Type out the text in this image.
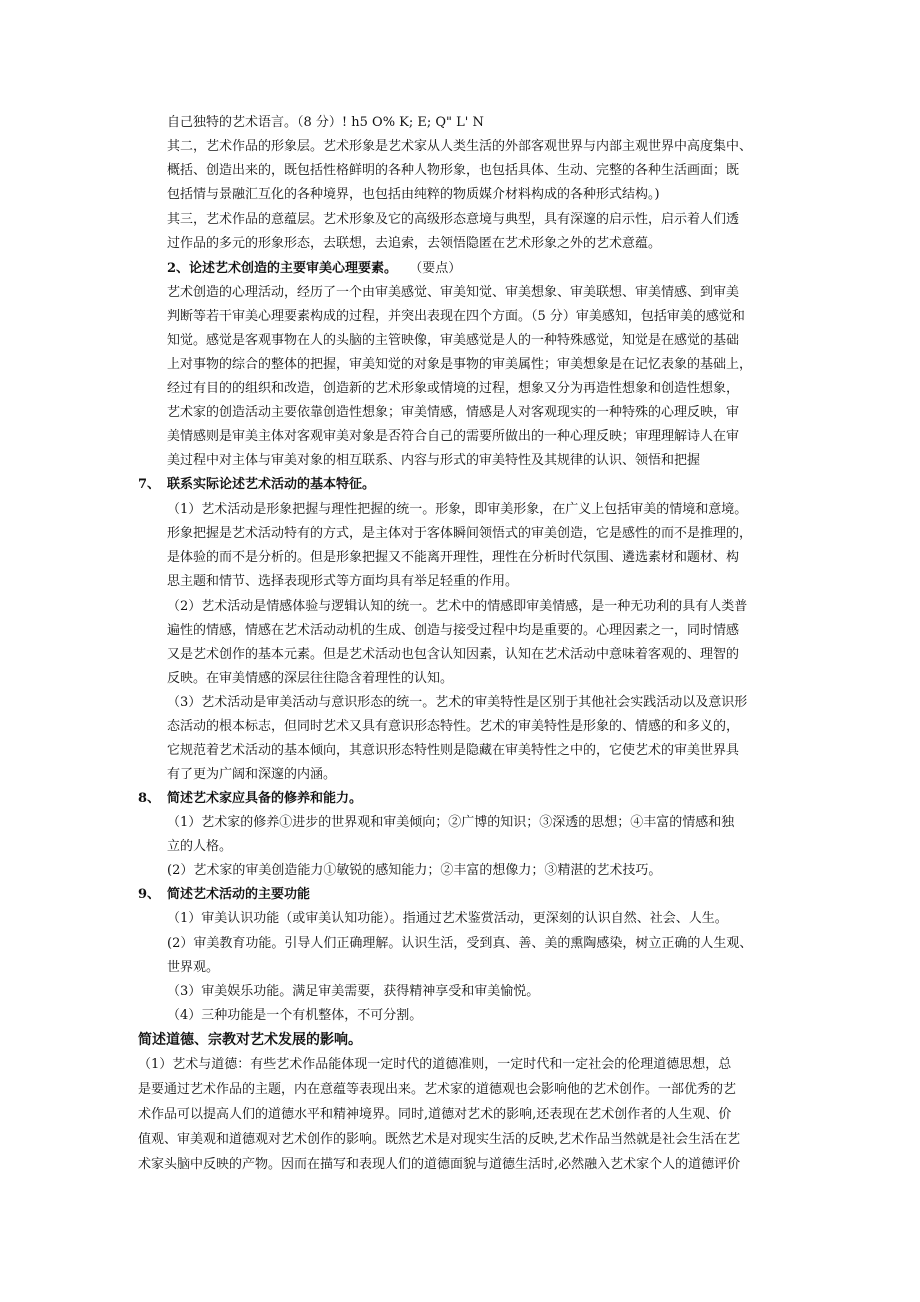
自己独特的艺术语言。（8 分）! h5 O% K; E; Q" L' N
其二，艺术作品的形象层。艺术形象是艺术家从人类生活的外部客观世界与内部主观世界中高度集中、
概括、创造出来的，既包括性格鲜明的各种人物形象，也包括具体、生动、完整的各种生活画面；既
包括情与景融汇互化的各种境界，也包括由纯粹的物质媒介材料构成的各种形式结构。)
其三，艺术作品的意蕴层。艺术形象及它的高级形态意境与典型，具有深邃的启示性，启示着人们透
过作品的多元的形象形态，去联想，去追索，去领悟隐匿在艺术形象之外的艺术意蕴。
2、论述艺术创造的主要审美心理要素。 （要点）
艺术创造的心理活动，经历了一个由审美感觉、审美知觉、审美想象、审美联想、审美情感、到审美
判断等若干审美心理要素构成的过程，并突出表现在四个方面。（5 分）审美感知，包括审美的感觉和
知觉。感觉是客观事物在人的头脑的主管映像，审美感觉是人的一种特殊感觉，知觉是在感觉的基础
上对事物的综合的整体的把握，审美知觉的对象是事物的审美属性；审美想象是在记忆表象的基础上，
经过有目的的组织和改造，创造新的艺术形象或情境的过程，想象又分为再造性想象和创造性想象，
艺术家的创造活动主要依靠创造性想象；审美情感，情感是人对客观现实的一种特殊的心理反映，审
美情感则是审美主体对客观审美对象是否符合自己的需要所做出的一种心理反映；审理理解诗人在审
美过程中对主体与审美对象的相互联系、内容与形式的审美特性及其规律的认识、领悟和把握
7、 联系实际论述艺术活动的基本特征。
（1）艺术活动是形象把握与理性把握的统一。形象，即审美形象，在广义上包括审美的情境和意境。
形象把握是艺术活动特有的方式，是主体对于客体瞬间领悟式的审美创造，它是感性的而不是推理的，
是体验的而不是分析的。但是形象把握又不能离开理性，理性在分析时代氛围、遴选素材和题材、构
思主题和情节、选择表现形式等方面均具有举足轻重的作用。
（2）艺术活动是情感体验与逻辑认知的统一。艺术中的情感即审美情感，是一种无功利的具有人类普
遍性的情感，情感在艺术活动动机的生成、创造与接受过程中均是重要的。心理因素之一，同时情感
又是艺术创作的基本元素。但是艺术活动也包含认知因素，认知在艺术活动中意味着客观的、理智的
反映。在审美情感的深层往往隐含着理性的认知。
（3）艺术活动是审美活动与意识形态的统一。艺术的审美特性是区别于其他社会实践活动以及意识形
态活动的根本标志，但同时艺术又具有意识形态特性。艺术的审美特性是形象的、情感的和多义的，
它规范着艺术活动的基本倾向，其意识形态特性则是隐藏在审美特性之中的，它使艺术的审美世界具
有了更为广阔和深邃的内涵。
8、 简述艺术家应具备的修养和能力。
（1）艺术家的修养①进步的世界观和审美倾向；②广博的知识；③深透的思想；④丰富的情感和独
立的人格。
(2）艺术家的审美创造能力①敏锐的感知能力；②丰富的想像力；③精湛的艺术技巧。
9、 简述艺术活动的主要功能
（1）审美认识功能（或审美认知功能）。指通过艺术鉴赏活动，更深刻的认识自然、社会、人生。
(2）审美教育功能。引导人们正确理解。认识生活，受到真、善、美的熏陶感染，树立正确的人生观、
世界观。
（3）审美娱乐功能。满足审美需要，获得精神享受和审美愉悦。
（4）三种功能是一个有机整体，不可分割。
简述道德、宗教对艺术发展的影响。
（1）艺术与道德：有些艺术作品能体现一定时代的道德准则，一定时代和一定社会的伦理道德思想，总
是要通过艺术作品的主题，内在意蕴等表现出来。艺术家的道德观也会影响他的艺术创作。一部优秀的艺
术作品可以提高人们的道德水平和精神境界。同时,道德对艺术的影响,还表现在艺术创作者的人生观、价
值观、审美观和道德观对艺术创作的影响。既然艺术是对现实生活的反映,艺术作品当然就是社会生活在艺
术家头脑中反映的产物。因而在描写和表现人们的道德面貌与道德生活时,必然融入艺术家个人的道德评价
